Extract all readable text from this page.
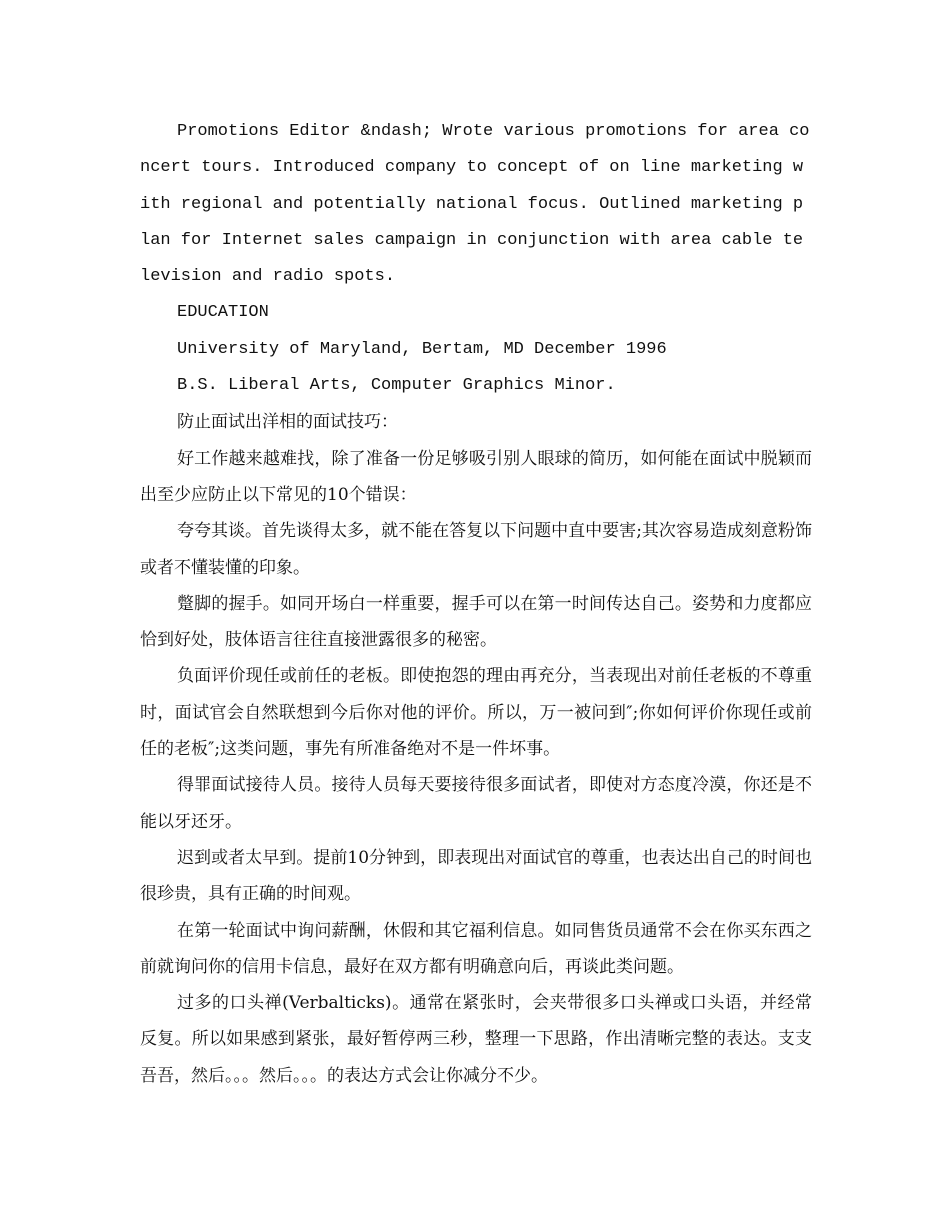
Promotions Editor &ndash; Wrote various promotions for area concert tours. Introduced company to concept of on line marketing with regional and potentially national focus. Outlined marketing plan for Internet sales campaign in conjunction with area cable television and radio spots.

EDUCATION

University of Maryland, Bertam, MD December 1996

B.S. Liberal Arts, Computer Graphics Minor.

防止面试出洋相的面试技巧：

好工作越来越难找，除了准备一份足够吸引别人眼球的简历，如何能在面试中脱颖而出至少应防止以下常见的10个错误：

夸夸其谈。首先谈得太多，就不能在答复以下问题中直中要害;其次容易造成刻意粉饰或者不懂装懂的印象。

蹩脚的握手。如同开场白一样重要，握手可以在第一时间传达自己。姿势和力度都应恰到好处，肢体语言往往直接泄露很多的秘密。

负面评价现任或前任的老板。即使抱怨的理由再充分，当表现出对前任老板的不尊重时，面试官会自然联想到今后你对他的评价。所以，万一被问到″;你如何评价你现任或前任的老板″;这类问题，事先有所准备绝对不是一件坏事。

得罪面试接待人员。接待人员每天要接待很多面试者，即使对方态度冷漠，你还是不能以牙还牙。

迟到或者太早到。提前10分钟到，即表现出对面试官的尊重，也表达出自己的时间也很珍贵，具有正确的时间观。

在第一轮面试中询问薪酬，休假和其它福利信息。如同售货员通常不会在你买东西之前就询问你的信用卡信息，最好在双方都有明确意向后，再谈此类问题。

过多的口头禅(Verbalticks)。通常在紧张时，会夹带很多口头禅或口头语，并经常反复。所以如果感到紧张，最好暂停两三秒，整理一下思路，作出清晰完整的表达。支支吾吾，然后。。。然后。。。的表达方式会让你减分不少。
